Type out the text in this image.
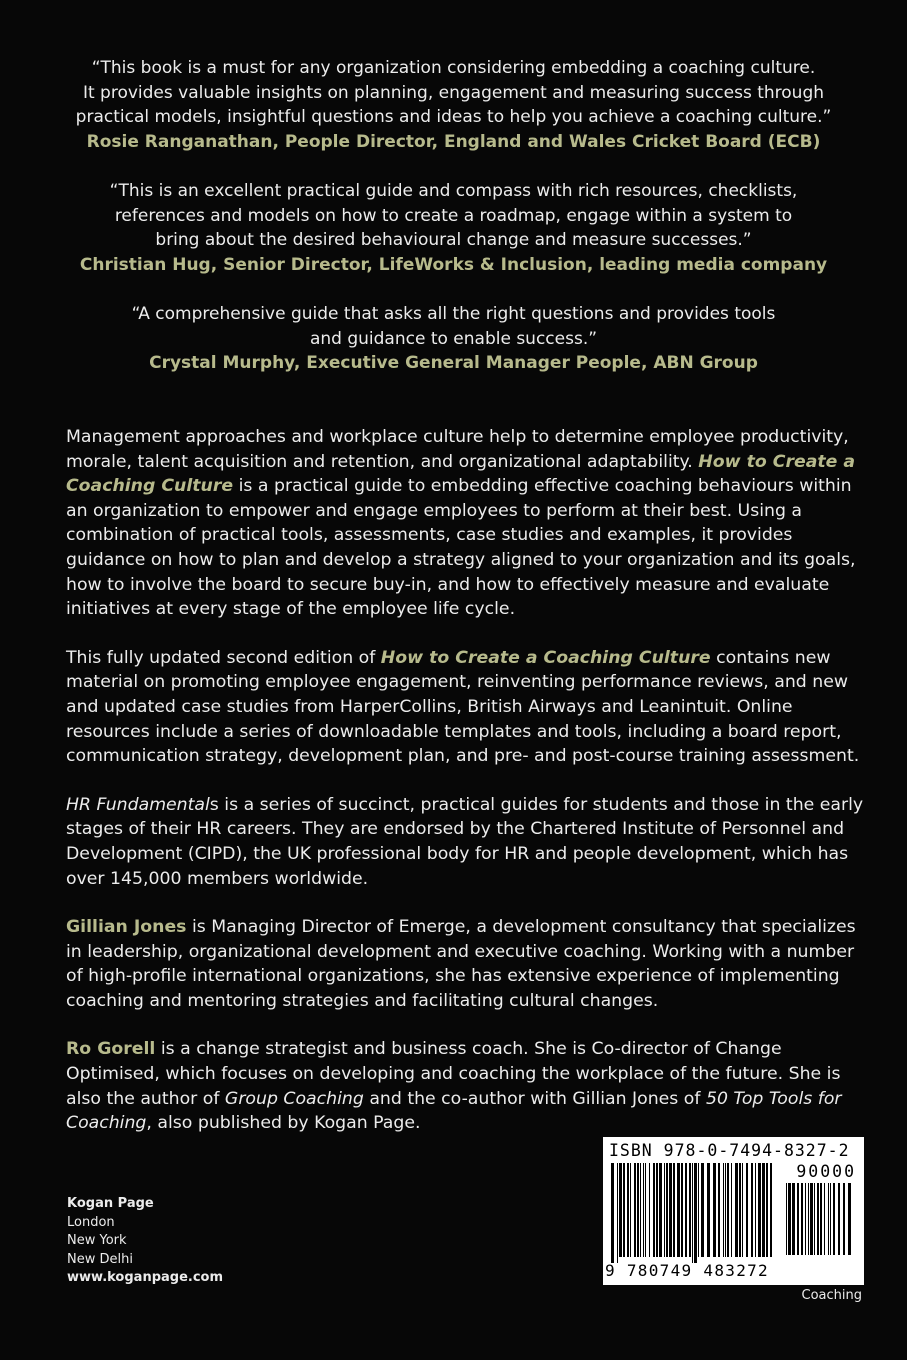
“This book is a must for any organization considering embedding a coaching culture.
It provides valuable insights on planning, engagement and measuring success through
practical models, insightful questions and ideas to help you achieve a coaching culture.”
Rosie Ranganathan, People Director, England and Wales Cricket Board (ECB)
“This is an excellent practical guide and compass with rich resources, checklists,
references and models on how to create a roadmap, engage within a system to
bring about the desired behavioural change and measure successes.”
Christian Hug, Senior Director, LifeWorks & Inclusion, leading media company
“A comprehensive guide that asks all the right questions and provides tools
and guidance to enable success.”
Crystal Murphy, Executive General Manager People, ABN Group

Management approaches and workplace culture help to determine employee productivity, morale, talent acquisition and retention, and organizational adaptability. How to Create a Coaching Culture is a practical guide to embedding effective coaching behaviours within an organization to empower and engage employees to perform at their best. Using a combination of practical tools, assessments, case studies and examples, it provides guidance on how to plan and develop a strategy aligned to your organization and its goals, how to involve the board to secure buy-in, and how to effectively measure and evaluate initiatives at every stage of the employee life cycle.

This fully updated second edition of How to Create a Coaching Culture contains new material on promoting employee engagement, reinventing performance reviews, and new and updated case studies from HarperCollins, British Airways and Leanintuit. Online resources include a series of downloadable templates and tools, including a board report, communication strategy, development plan, and pre- and post-course training assessment.

HR Fundamentals is a series of succinct, practical guides for students and those in the early stages of their HR careers. They are endorsed by the Chartered Institute of Personnel and Development (CIPD), the UK professional body for HR and people development, which has over 145,000 members worldwide.

Gillian Jones is Managing Director of Emerge, a development consultancy that specializes in leadership, organizational development and executive coaching. Working with a number of high-profile international organizations, she has extensive experience of implementing coaching and mentoring strategies and facilitating cultural changes.

Ro Gorell is a change strategist and business coach. She is Co-director of Change Optimised, which focuses on developing and coaching the workplace of the future. She is also the author of Group Coaching and the co-author with Gillian Jones of 50 Top Tools for Coaching, also published by Kogan Page.

Kogan Page
London
New York
New Delhi
www.koganpage.com
ISBN 978-0-7494-8327-2
90000
9 780749 483272
Coaching
